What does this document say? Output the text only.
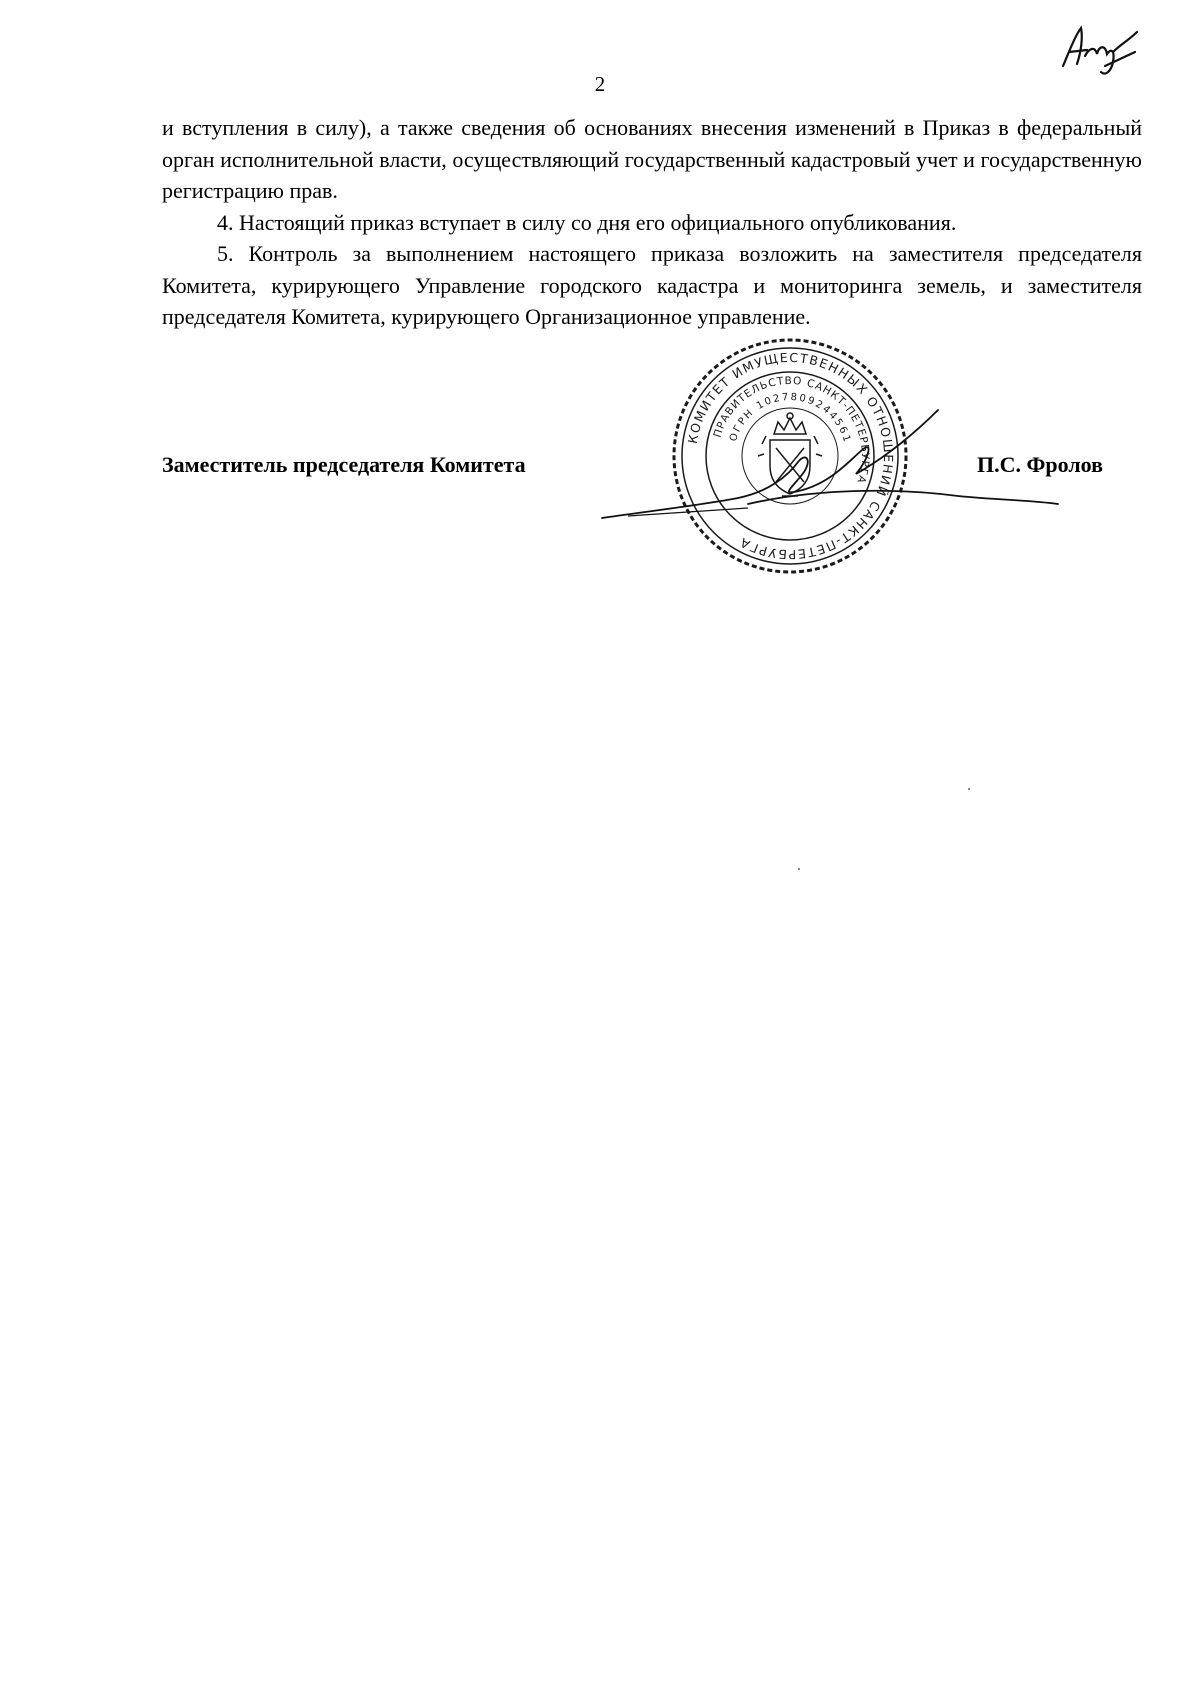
2

и вступления в силу), а также сведения об основаниях внесения изменений в Приказ в федеральный орган исполнительной власти, осуществляющий государственный кадастровый учет и государственную регистрацию прав.

4. Настоящий приказ вступает в силу со дня его официального опубликования.

5. Контроль за выполнением настоящего приказа возложить на заместителя председателя Комитета, курирующего Управление городского кадастра и мониторинга земель, и заместителя председателя Комитета, курирующего Организационное управление.

Заместитель председателя Комитета	П.С. Фролов
КОМИТЕТ ИМУЩЕСТВЕННЫХ ОТНОШЕНИЙ САНКТ-ПЕТЕРБУРГА
ПРАВИТЕЛЬСТВО САНКТ-ПЕТЕРБУРГА
ОГРН 1027809244561
